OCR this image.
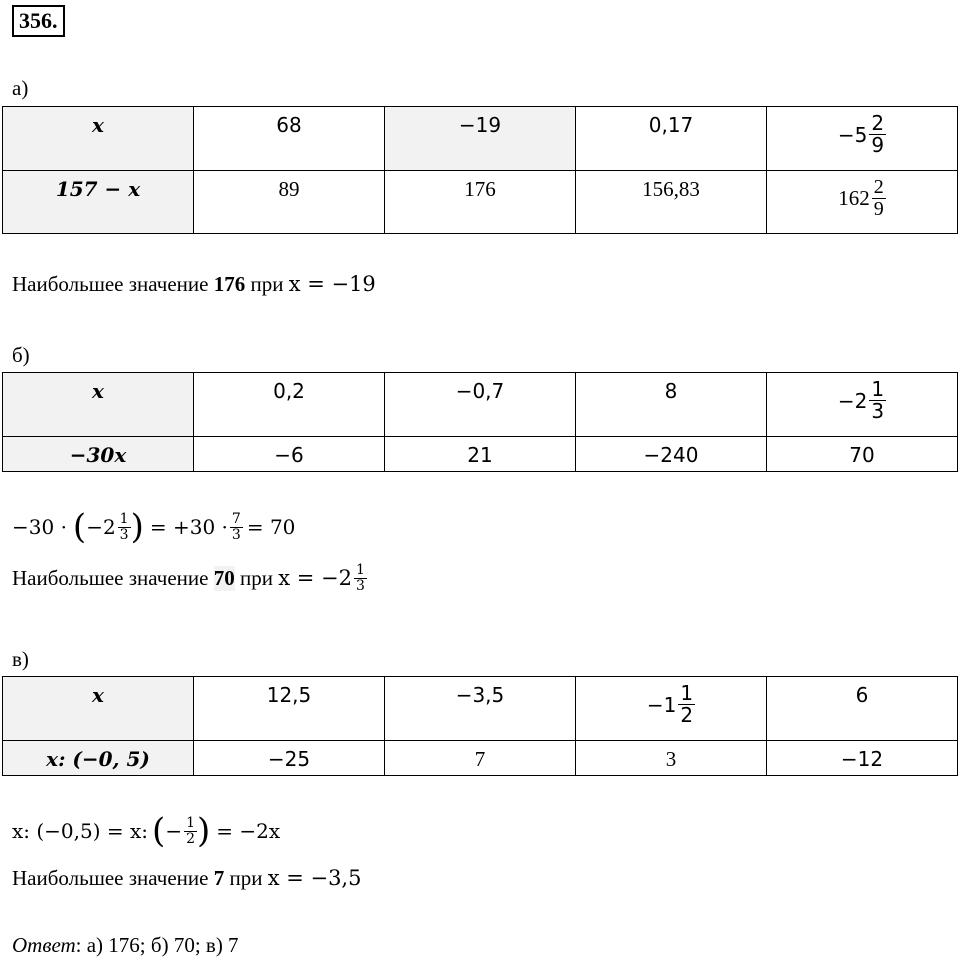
356.
а)
x	68	−19	0,17	$-5 \frac{2}{9}$

157 − x	89	176	156,83	$162 \frac{2}{9}$
Наибольшее значение 176 при x = −19
б)
x	0,2	−0,7	8	$-2 \frac{1}{3}$

−30x	−6	21	−240	70
−30 · ( $-2 \frac{1}{3}$ ) = $+30 \cdot \frac{7}{3} = 70$
Наибольшее значение 70 при $x = -2 \frac{1}{3}$
в)
x	12,5	−3,5	$-1 \frac{1}{2}$	6
x: (−0, 5)	−25	7	3	−12
x: (−0,5) = x: ( − $\frac{1}{2}$ ) = −2x
Наибольшее значение 7 при x = −3,5
Ответ: а) 176; б) 70; в) 7
